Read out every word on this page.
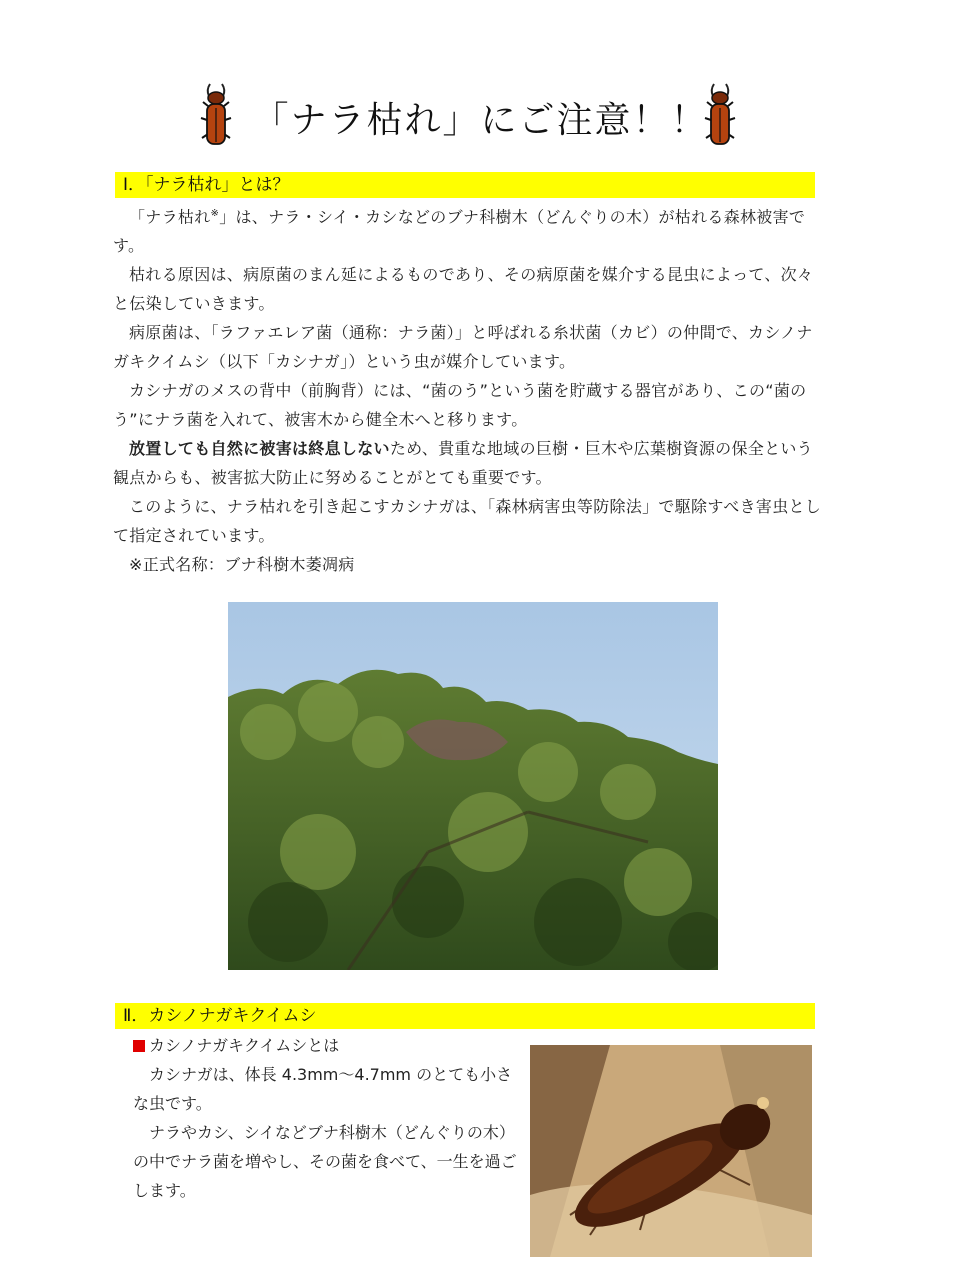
「ナラ枯れ」にご注意！！
Ⅰ．「ナラ枯れ」とは？

「ナラ枯れ※」は、ナラ・シイ・カシなどのブナ科樹木（どんぐりの木）が枯れる森林被害です。

枯れる原因は、病原菌のまん延によるものであり、その病原菌を媒介する昆虫によって、次々と伝染していきます。

病原菌は、「ラファエレア菌（通称：ナラ菌）」と呼ばれる糸状菌（カビ）の仲間で、カシノナガキクイムシ（以下「カシナガ」）という虫が媒介しています。

カシナガのメスの背中（前胸背）には、“菌のう”という菌を貯蔵する器官があり、この“菌のう”にナラ菌を入れて、被害木から健全木へと移ります。

放置しても自然に被害は終息しないため、貴重な地域の巨樹・巨木や広葉樹資源の保全という観点からも、被害拡大防止に努めることがとても重要です。

このように、ナラ枯れを引き起こすカシナガは、「森林病害虫等防除法」で駆除すべき害虫として指定されています。

※正式名称：ブナ科樹木萎凋病

Ⅱ．カシノナガキクイムシ

カシノナガキクイムシとは

カシナガは、体長 4.3mm～4.7mm のとても小さな虫です。

ナラやカシ、シイなどブナ科樹木（どんぐりの木）の中でナラ菌を増やし、その菌を食べて、一生を過ごします。
